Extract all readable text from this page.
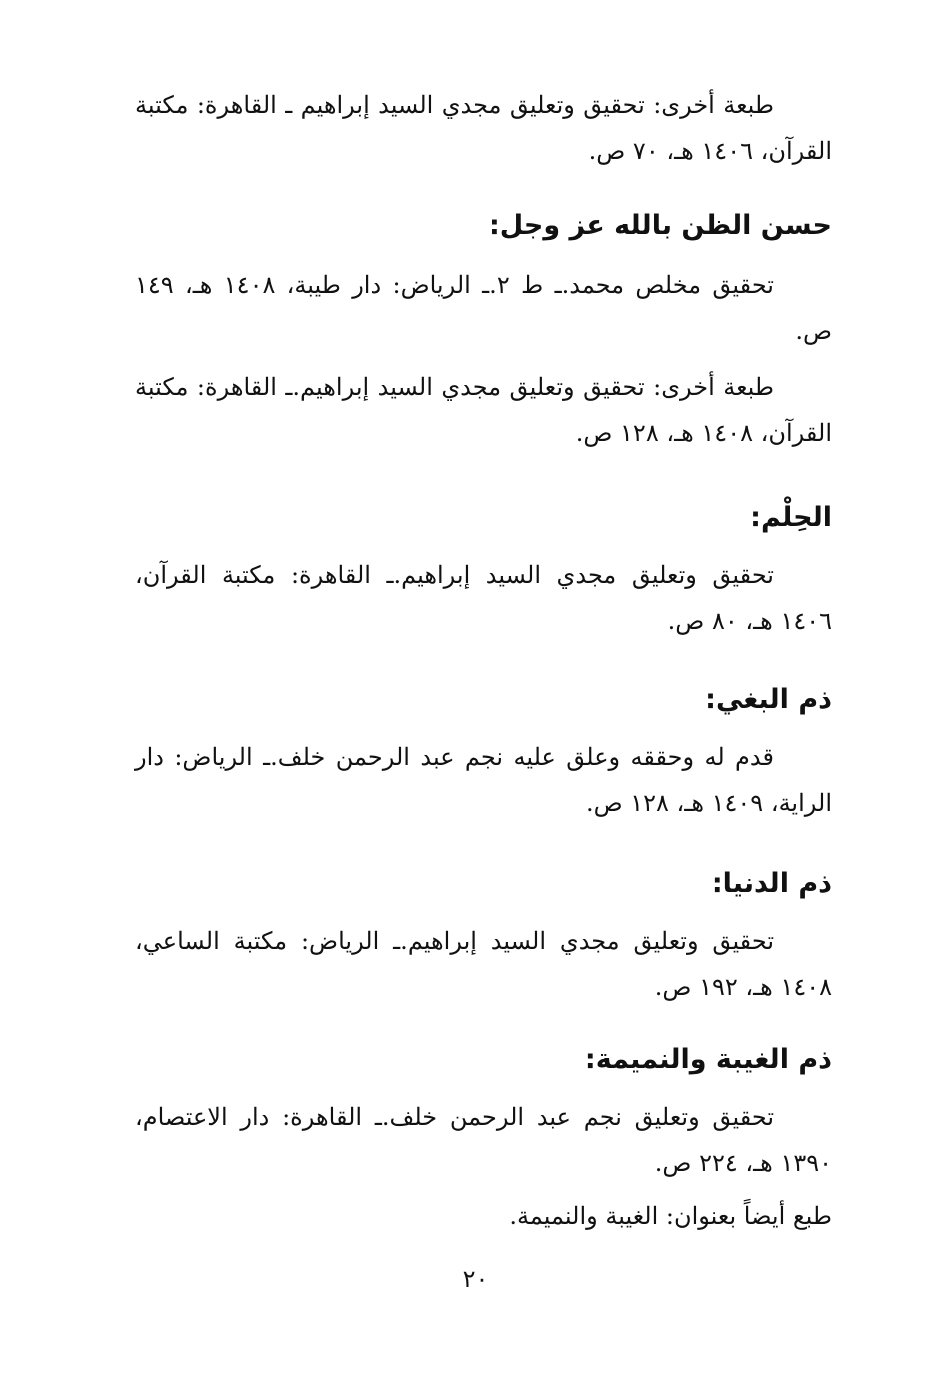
طبعة أخرى: تحقيق وتعليق مجدي السيد إبراهيم ـ القاهرة: مكتبة القرآن، ١٤٠٦ هـ، ٧٠ ص.
حسن الظن بالله عز وجل:
تحقيق مخلص محمد.ـ ط ٢.ـ الرياض: دار طيبة، ١٤٠٨ هـ، ١٤٩ ص.
طبعة أخرى: تحقيق وتعليق مجدي السيد إبراهيم.ـ القاهرة: مكتبة القرآن، ١٤٠٨ هـ، ١٢٨ ص.
الحِلْم:
تحقيق وتعليق مجدي السيد إبراهيم.ـ القاهرة: مكتبة القرآن، ١٤٠٦ هـ، ٨٠ ص.
ذم البغي:
قدم له وحققه وعلق عليه نجم عبد الرحمن خلف.ـ الرياض: دار الراية، ١٤٠٩ هـ، ١٢٨ ص.
ذم الدنيا:
تحقيق وتعليق مجدي السيد إبراهيم.ـ الرياض: مكتبة الساعي، ١٤٠٨ هـ، ١٩٢ ص.
ذم الغيبة والنميمة:
تحقيق وتعليق نجم عبد الرحمن خلف.ـ القاهرة: دار الاعتصام، ١٣٩٠ هـ، ٢٢٤ ص.
طبع أيضاً بعنوان: الغيبة والنميمة.
٢٠
